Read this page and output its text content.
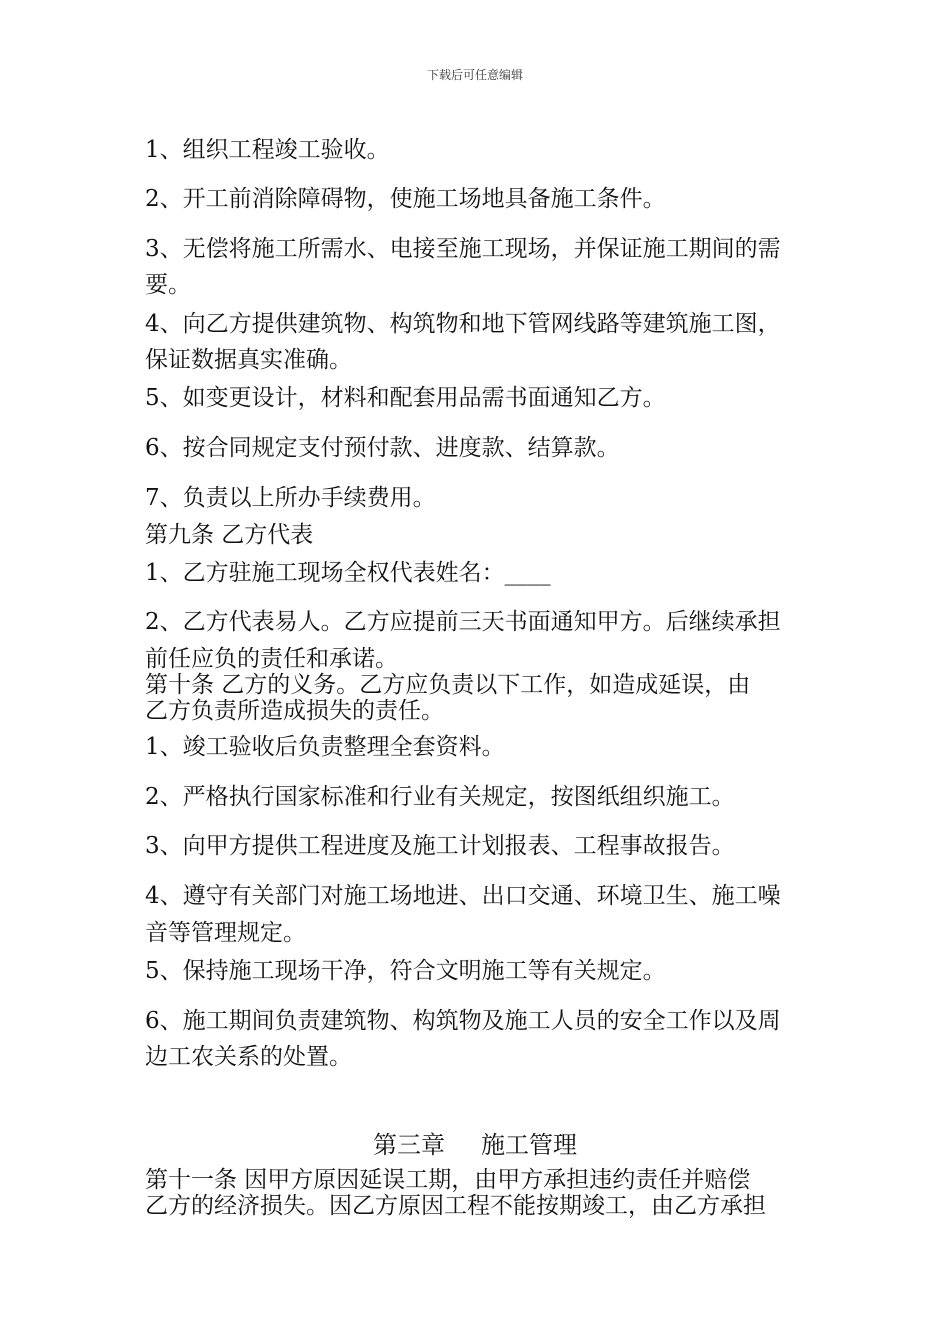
下载后可任意编辑
1、组织工程竣工验收。
2、开工前消除障碍物，使施工场地具备施工条件。
3、无偿将施工所需水、电接至施工现场，并保证施工期间的需
要。
4、向乙方提供建筑物、构筑物和地下管网线路等建筑施工图，
保证数据真实准确。
5、如变更设计，材料和配套用品需书面通知乙方。
6、按合同规定支付预付款、进度款、结算款。
7、负责以上所办手续费用。
第九条 乙方代表
1、乙方驻施工现场全权代表姓名：____
2、乙方代表易人。乙方应提前三天书面通知甲方。后继续承担
前任应负的责任和承诺。
第十条 乙方的义务。乙方应负责以下工作，如造成延误，由
乙方负责所造成损失的责任。
1、竣工验收后负责整理全套资料。
2、严格执行国家标准和行业有关规定，按图纸组织施工。
3、向甲方提供工程进度及施工计划报表、工程事故报告。
4、遵守有关部门对施工场地进、出口交通、环境卫生、施工噪
音等管理规定。
5、保持施工现场干净，符合文明施工等有关规定。
6、施工期间负责建筑物、构筑物及施工人员的安全工作以及周
边工农关系的处置。
第三章 施工管理
第十一条 因甲方原因延误工期，由甲方承担违约责任并赔偿
乙方的经济损失。因乙方原因工程不能按期竣工，由乙方承担
